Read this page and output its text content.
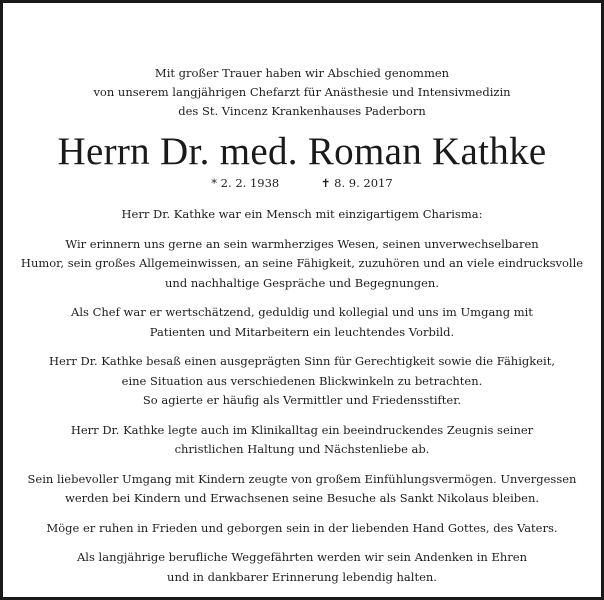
Mit großer Trauer haben wir Abschied genommen
von unserem langjährigen Chefarzt für Anästhesie und Intensivmedizin
des St. Vincenz Krankenhauses Paderborn
Herrn Dr. med. Roman Kathke
* 2. 2. 1938	✝ 8. 9. 2017
Herr Dr. Kathke war ein Mensch mit einzigartigem Charisma:
Wir erinnern uns gerne an sein warmherziges Wesen, seinen unverwechselbaren
Humor, sein großes Allgemeinwissen, an seine Fähigkeit, zuzuhören und an viele eindrucksvolle
und nachhaltige Gespräche und Begegnungen.
Als Chef war er wertschätzend, geduldig und kollegial und uns im Umgang mit
Patienten und Mitarbeitern ein leuchtendes Vorbild.
Herr Dr. Kathke besaß einen ausgeprägten Sinn für Gerechtigkeit sowie die Fähigkeit,
eine Situation aus verschiedenen Blickwinkeln zu betrachten.
So agierte er häufig als Vermittler und Friedensstifter.
Herr Dr. Kathke legte auch im Klinikalltag ein beeindruckendes Zeugnis seiner
christlichen Haltung und Nächstenliebe ab.
Sein liebevoller Umgang mit Kindern zeugte von großem Einfühlungsvermögen. Unvergessen
werden bei Kindern und Erwachsenen seine Besuche als Sankt Nikolaus bleiben.
Möge er ruhen in Frieden und geborgen sein in der liebenden Hand Gottes, des Vaters.
Als langjährige berufliche Weggefährten werden wir sein Andenken in Ehren
und in dankbarer Erinnerung lebendig halten.
